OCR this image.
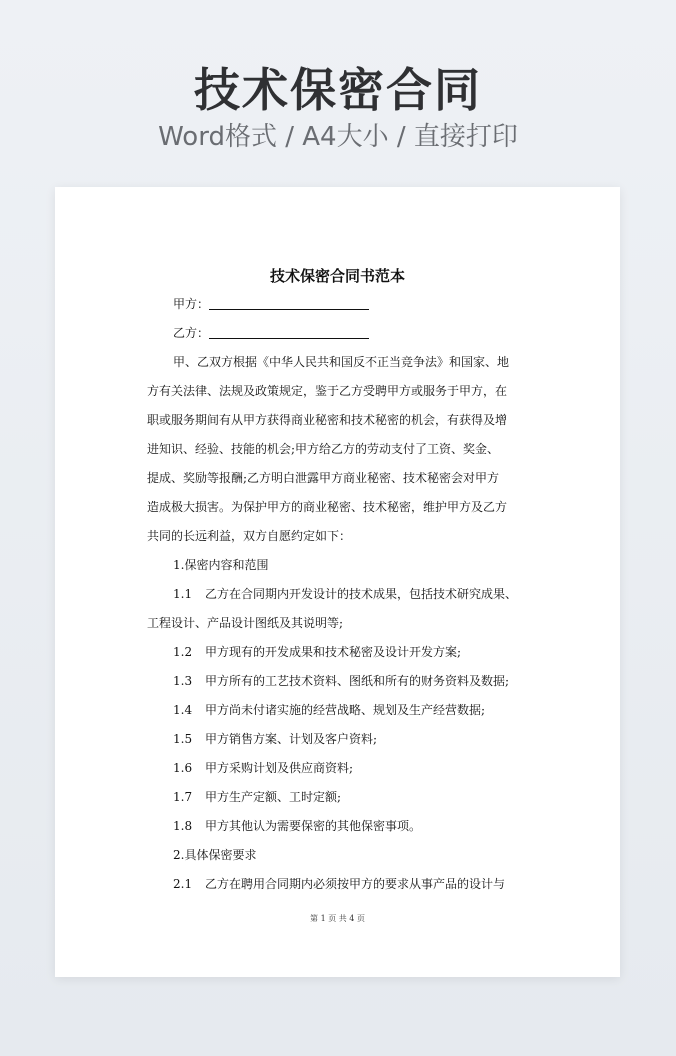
技术保密合同
Word格式 / A4大小 / 直接打印
技术保密合同书范本
甲方：
乙方：
甲、乙双方根据《中华人民共和国反不正当竞争法》和国家、地
方有关法律、法规及政策规定，鉴于乙方受聘甲方或服务于甲方，在
职或服务期间有从甲方获得商业秘密和技术秘密的机会，有获得及增
进知识、经验、技能的机会;甲方给乙方的劳动支付了工资、奖金、
提成、奖励等报酬;乙方明白泄露甲方商业秘密、技术秘密会对甲方
造成极大损害。为保护甲方的商业秘密、技术秘密，维护甲方及乙方
共同的长远利益，双方自愿约定如下：
1.保密内容和范围
1.1 乙方在合同期内开发设计的技术成果，包括技术研究成果、
工程设计、产品设计图纸及其说明等;
1.2 甲方现有的开发成果和技术秘密及设计开发方案;
1.3 甲方所有的工艺技术资料、图纸和所有的财务资料及数据;
1.4 甲方尚未付诸实施的经营战略、规划及生产经营数据;
1.5 甲方销售方案、计划及客户资料;
1.6 甲方采购计划及供应商资料;
1.7 甲方生产定额、工时定额;
1.8 甲方其他认为需要保密的其他保密事项。
2.具体保密要求
2.1 乙方在聘用合同期内必须按甲方的要求从事产品的设计与
第 1 页 共 4 页
